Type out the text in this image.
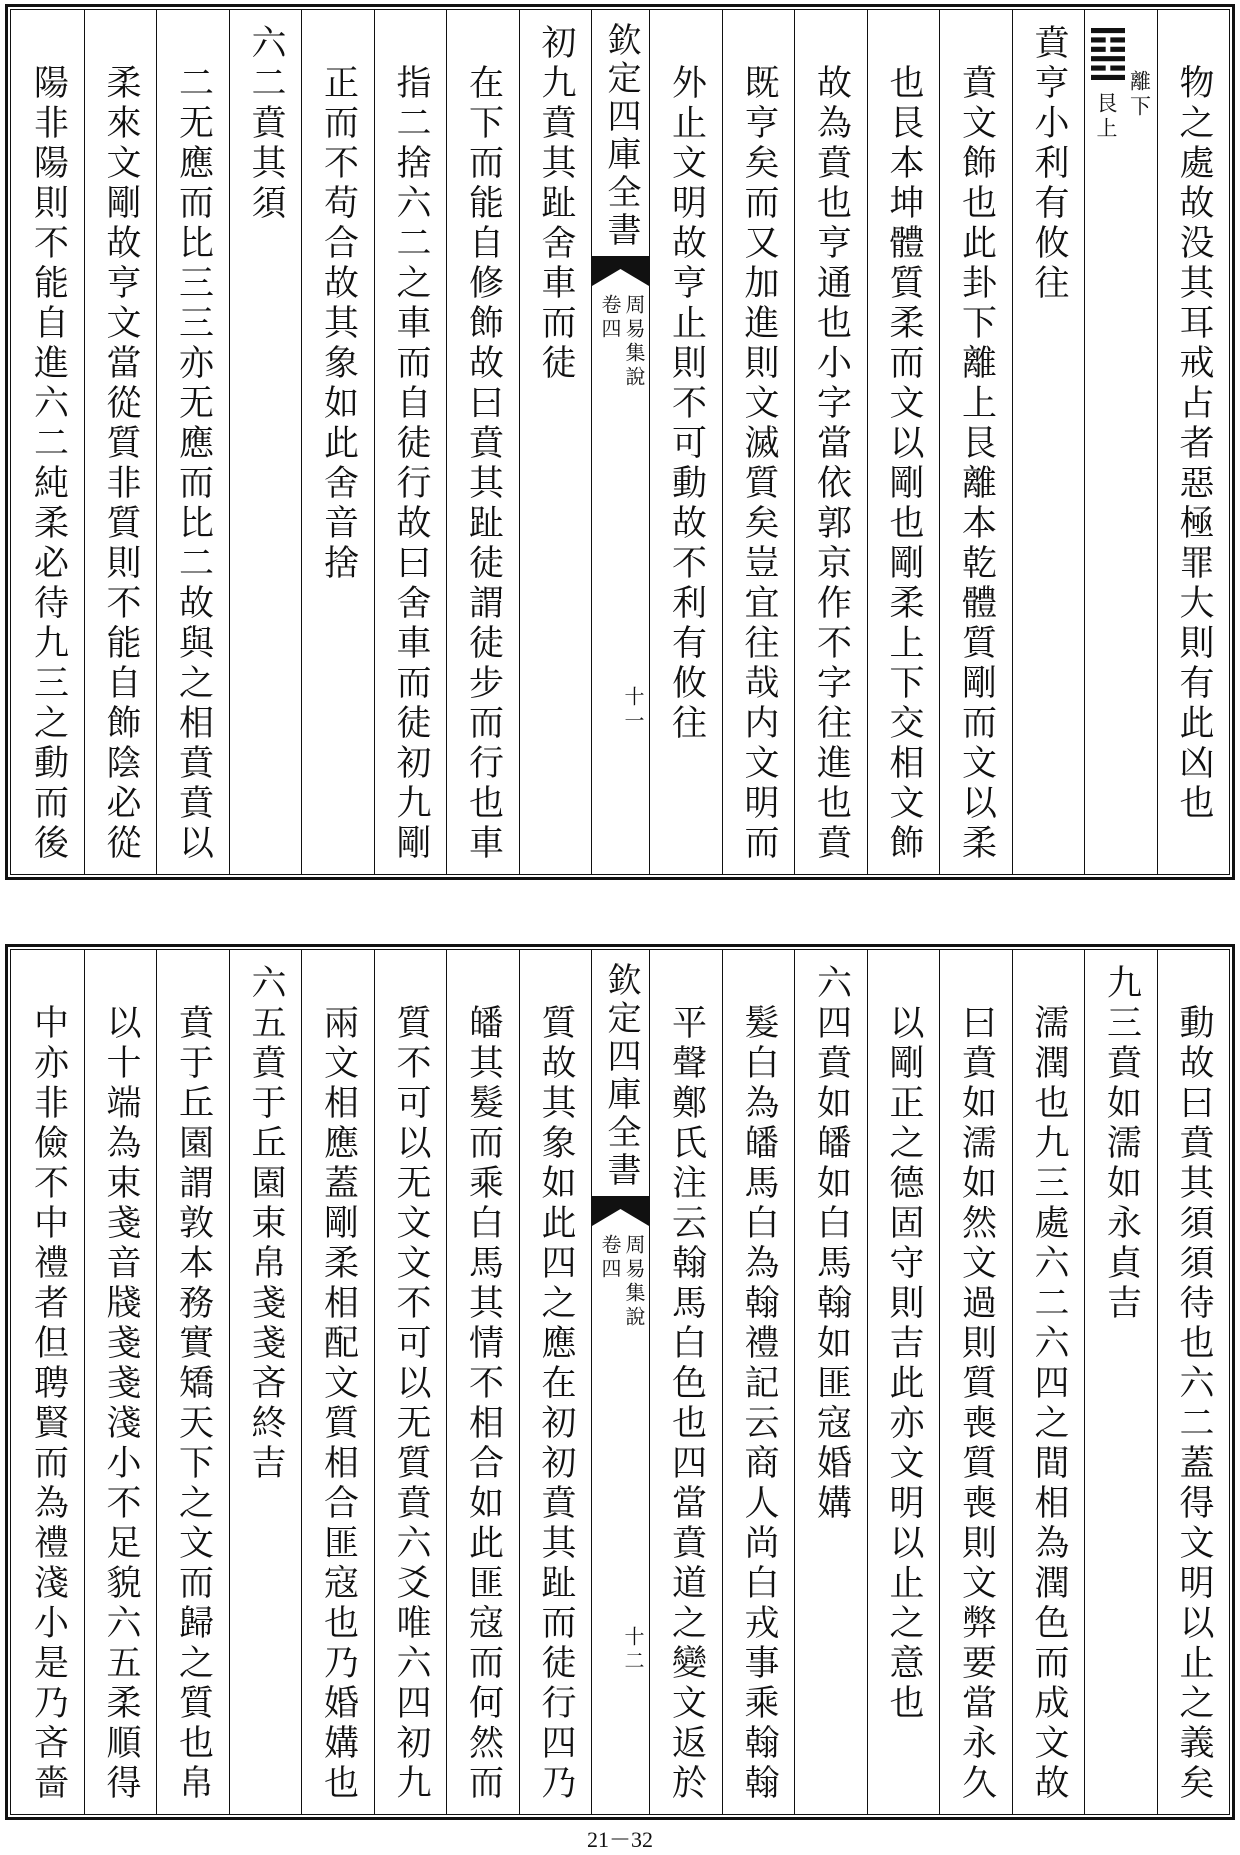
物之處故没其耳戒占者惡極罪大則有此凶也
離下
艮上
賁亨小利有攸往
賁文飾也此卦下離上艮離本乾體質剛而文以柔
也艮本坤體質柔而文以剛也剛柔上下交相文飾
故為賁也亨通也小字當依郭京作不字往進也賁
既亨矣而又加進則文滅質矣豈宜往哉内文明而
外止文明故亨止則不可動故不利有攸往
欽定四庫全書
周易集說
卷四
十一
初九賁其趾舍車而徒
在下而能自修飾故曰賁其趾徒謂徒步而行也車
指二捨六二之車而自徒行故曰舍車而徒初九剛
正而不苟合故其象如此舍音捨
六二賁其須
二无應而比三三亦无應而比二故與之相賁賁以
柔來文剛故亨文當從質非質則不能自飾陰必從
陽非陽則不能自進六二純柔必待九三之動而後
動故曰賁其須須待也六二蓋得文明以止之義矣
九三賁如濡如永貞吉
濡潤也九三處六二六四之間相為潤色而成文故
曰賁如濡如然文過則質喪質喪則文弊要當永久
以剛正之德固守則吉此亦文明以止之意也
六四賁如皤如白馬翰如匪寇婚媾
髮白為皤馬白為翰禮記云商人尚白戎事乘翰翰
平聲鄭氏注云翰馬白色也四當賁道之變文返於
欽定四庫全書
周易集說
卷四
十二
質故其象如此四之應在初初賁其趾而徒行四乃
皤其髮而乘白馬其情不相合如此匪寇而何然而
質不可以无文文不可以无質賁六爻唯六四初九
兩文相應蓋剛柔相配文質相合匪寇也乃婚媾也
六五賁于丘園束帛戔戔吝終吉
賁于丘園謂敦本務實矯天下之文而歸之質也帛
以十端為束戔音牋戔戔淺小不足貌六五柔順得
中亦非儉不中禮者但聘賢而為禮淺小是乃吝嗇
21－32
